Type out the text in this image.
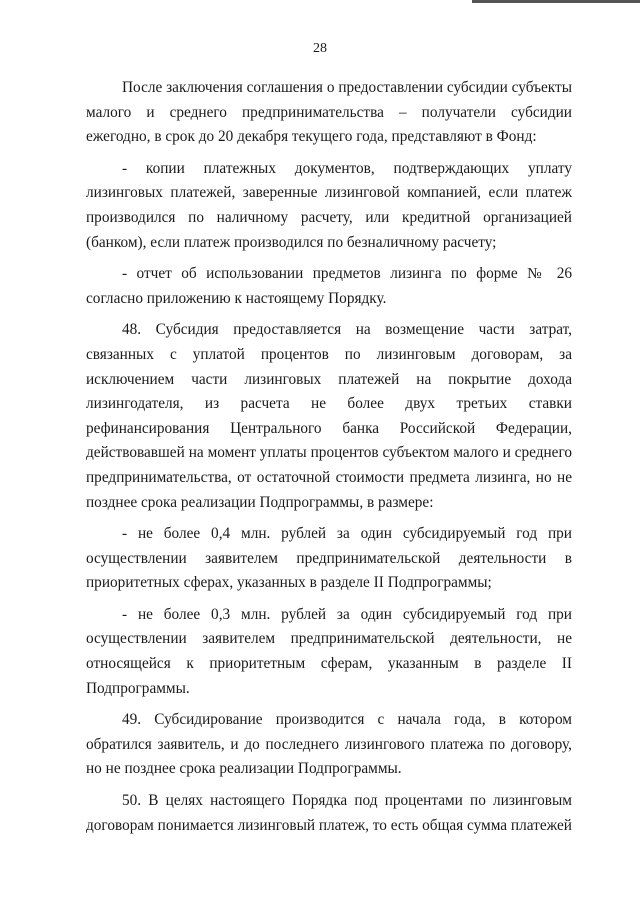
28

После заключения соглашения о предоставлении субсидии субъекты малого и среднего предпринимательства – получатели субсидии ежегодно, в срок до 20 декабря текущего года, представляют в Фонд:

- копии платежных документов, подтверждающих уплату лизинговых платежей, заверенные лизинговой компанией, если платеж производился по наличному расчету, или кредитной организацией (банком), если платеж производился по безналичному расчету;

- отчет об использовании предметов лизинга по форме № 26 согласно приложению к настоящему Порядку.

48. Субсидия предоставляется на возмещение части затрат, связанных с уплатой процентов по лизинговым договорам, за исключением части лизинговых платежей на покрытие дохода лизингодателя, из расчета не более двух третьих ставки рефинансирования Центрального банка Российской Федерации, действовавшей на момент уплаты процентов субъектом малого и среднего предпринимательства, от остаточной стоимости предмета лизинга, но не позднее срока реализации Подпрограммы, в размере:

- не более 0,4 млн. рублей за один субсидируемый год при осуществлении заявителем предпринимательской деятельности в приоритетных сферах, указанных в разделе II Подпрограммы;

- не более 0,3 млн. рублей за один субсидируемый год при осуществлении заявителем предпринимательской деятельности, не относящейся к приоритетным сферам, указанным в разделе II Подпрограммы.

49. Субсидирование производится с начала года, в котором обратился заявитель, и до последнего лизингового платежа по договору, но не позднее срока реализации Подпрограммы.

50. В целях настоящего Порядка под процентами по лизинговым договорам понимается лизинговый платеж, то есть общая сумма платежей
